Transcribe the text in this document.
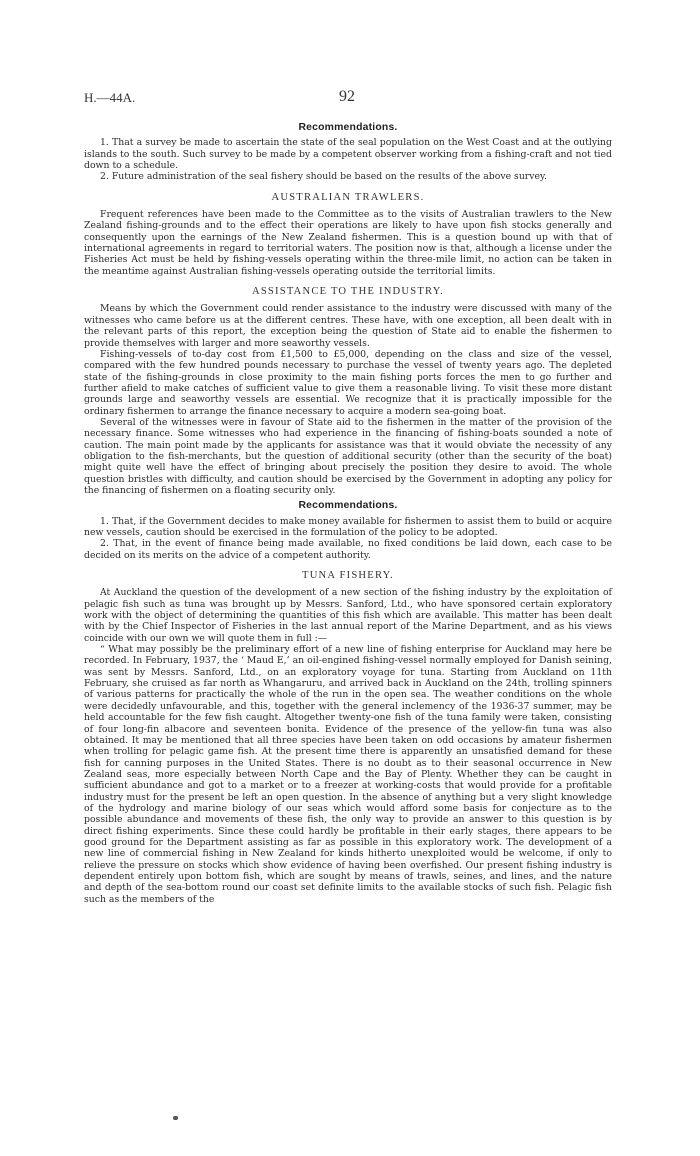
H.—44A.	92
Recommendations.

1. That a survey be made to ascertain the state of the seal population on the West Coast and at the outlying islands to the south. Such survey to be made by a competent observer working from a fishing-craft and not tied down to a schedule.

2. Future administration of the seal fishery should be based on the results of the above survey.

AUSTRALIAN TRAWLERS.

Frequent references have been made to the Committee as to the visits of Australian trawlers to the New Zealand fishing-grounds and to the effect their operations are likely to have upon fish stocks generally and consequently upon the earnings of the New Zealand fishermen. This is a question bound up with that of international agreements in regard to territorial waters. The position now is that, although a license under the Fisheries Act must be held by fishing-vessels operating within the three-mile limit, no action can be taken in the meantime against Australian fishing-vessels operating outside the territorial limits.

ASSISTANCE TO THE INDUSTRY.

Means by which the Government could render assistance to the industry were discussed with many of the witnesses who came before us at the different centres. These have, with one exception, all been dealt with in the relevant parts of this report, the exception being the question of State aid to enable the fishermen to provide themselves with larger and more seaworthy vessels.

Fishing-vessels of to-day cost from £1,500 to £5,000, depending on the class and size of the vessel, compared with the few hundred pounds necessary to purchase the vessel of twenty years ago. The depleted state of the fishing-grounds in close proximity to the main fishing ports forces the men to go further and further afield to make catches of sufficient value to give them a reasonable living. To visit these more distant grounds large and seaworthy vessels are essential. We recognize that it is practically impossible for the ordinary fishermen to arrange the finance necessary to acquire a modern sea-going boat.

Several of the witnesses were in favour of State aid to the fishermen in the matter of the provision of the necessary finance. Some witnesses who had experience in the financing of fishing-boats sounded a note of caution. The main point made by the applicants for assistance was that it would obviate the necessity of any obligation to the fish-merchants, but the question of additional security (other than the security of the boat) might quite well have the effect of bringing about precisely the position they desire to avoid. The whole question bristles with difficulty, and caution should be exercised by the Government in adopting any policy for the financing of fishermen on a floating security only.

Recommendations.

1. That, if the Government decides to make money available for fishermen to assist them to build or acquire new vessels, caution should be exercised in the formulation of the policy to be adopted.

2. That, in the event of finance being made available, no fixed conditions be laid down, each case to be decided on its merits on the advice of a competent authority.

TUNA FISHERY.

At Auckland the question of the development of a new section of the fishing industry by the exploitation of pelagic fish such as tuna was brought up by Messrs. Sanford, Ltd., who have sponsored certain exploratory work with the object of determining the quantities of this fish which are available. This matter has been dealt with by the Chief Inspector of Fisheries in the last annual report of the Marine Department, and as his views coincide with our own we will quote them in full :—

“ What may possibly be the preliminary effort of a new line of fishing enterprise for Auckland may here be recorded. In February, 1937, the ‘ Maud E,’ an oil-engined fishing-vessel normally employed for Danish seining, was sent by Messrs. Sanford, Ltd., on an exploratory voyage for tuna. Starting from Auckland on 11th February, she cruised as far north as Whangaruru, and arrived back in Auckland on the 24th, trolling spinners of various patterns for practically the whole of the run in the open sea. The weather conditions on the whole were decidedly unfavourable, and this, together with the general inclemency of the 1936-37 summer, may be held accountable for the few fish caught. Altogether twenty-one fish of the tuna family were taken, consisting of four long-fin albacore and seventeen bonita. Evidence of the presence of the yellow-fin tuna was also obtained. It may be mentioned that all three species have been taken on odd occasions by amateur fishermen when trolling for pelagic game fish. At the present time there is apparently an unsatisfied demand for these fish for canning purposes in the United States. There is no doubt as to their seasonal occurrence in New Zealand seas, more especially between North Cape and the Bay of Plenty. Whether they can be caught in sufficient abundance and got to a market or to a freezer at working-costs that would provide for a profitable industry must for the present be left an open question. In the absence of anything but a very slight knowledge of the hydrology and marine biology of our seas which would afford some basis for conjecture as to the possible abundance and movements of these fish, the only way to provide an answer to this question is by direct fishing experiments. Since these could hardly be profitable in their early stages, there appears to be good ground for the Department assisting as far as possible in this exploratory work. The development of a new line of commercial fishing in New Zealand for kinds hitherto unexploited would be welcome, if only to relieve the pressure on stocks which show evidence of having been overfished. Our present fishing industry is dependent entirely upon bottom fish, which are sought by means of trawls, seines, and lines, and the nature and depth of the sea-bottom round our coast set definite limits to the available stocks of such fish. Pelagic fish such as the members of the
